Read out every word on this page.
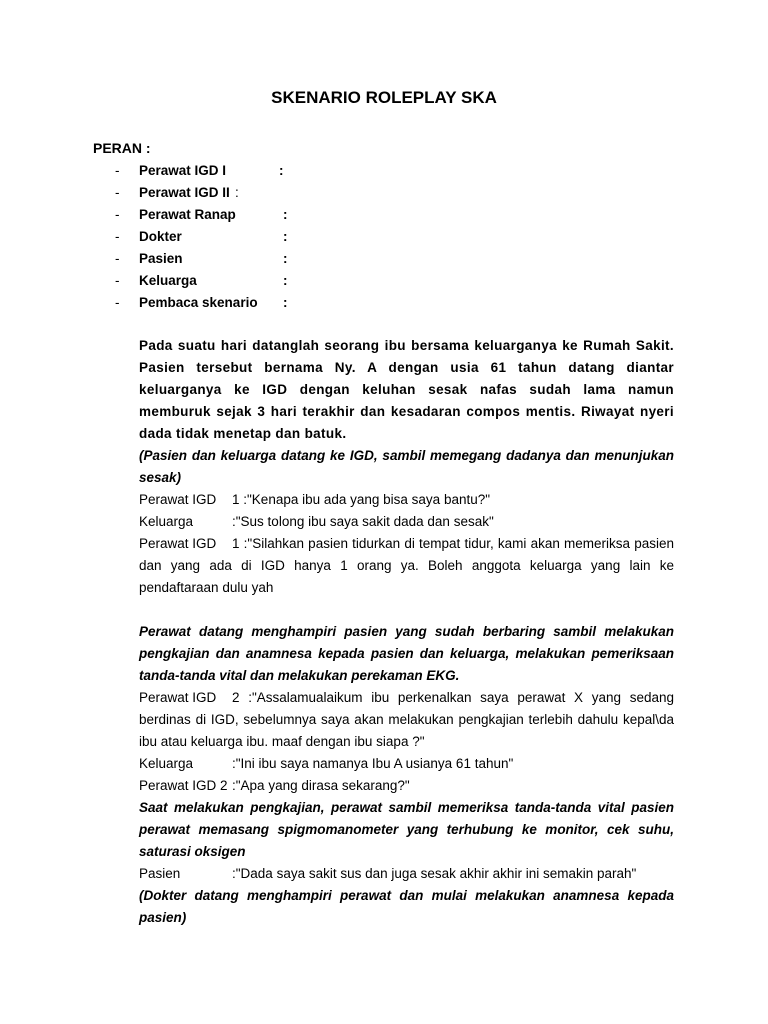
SKENARIO ROLEPLAY SKA
PERAN :
- Perawat IGD I	:
- Perawat IGD II :
- Perawat Ranap	:
- Dokter	:
- Pasien	:
- Keluarga	:
- Pembaca skenario :

Pada suatu hari datanglah seorang ibu bersama keluarganya ke Rumah Sakit. Pasien tersebut bernama Ny. A dengan usia 61 tahun datang diantar keluarganya ke IGD dengan keluhan sesak nafas sudah lama namun memburuk sejak 3 hari terakhir dan kesadaran compos mentis. Riwayat nyeri dada tidak menetap dan batuk.

(Pasien dan keluarga datang ke IGD, sambil memegang dadanya dan menunjukan sesak)

Perawat IGD 1 :"Kenapa ibu ada yang bisa saya bantu?"

Keluarga	:"Sus tolong ibu saya sakit dada dan sesak"

Perawat IGD 1 :"Silahkan pasien tidurkan di tempat tidur, kami akan memeriksa pasien dan yang ada di IGD hanya 1 orang ya. Boleh anggota keluarga yang lain ke pendaftaraan dulu yah

Perawat datang menghampiri pasien yang sudah berbaring sambil melakukan pengkajian dan anamnesa kepada pasien dan keluarga, melakukan pemeriksaan tanda-tanda vital dan melakukan perekaman EKG.

Perawat IGD 2 :"Assalamualaikum ibu perkenalkan saya perawat X yang sedang berdinas di IGD, sebelumnya saya akan melakukan pengkajian terlebih dahulu kepal\da ibu atau keluarga ibu. maaf dengan ibu siapa ?"

Keluarga	:"Ini ibu saya namanya Ibu A usianya 61 tahun"

Perawat IGD 2 :"Apa yang dirasa sekarang?"

Saat melakukan pengkajian, perawat sambil memeriksa tanda-tanda vital pasien perawat memasang spigmomanometer yang terhubung ke monitor, cek suhu, saturasi oksigen

Pasien	:"Dada saya sakit sus dan juga sesak akhir akhir ini semakin parah"

(Dokter datang menghampiri perawat dan mulai melakukan anamnesa kepada pasien)
